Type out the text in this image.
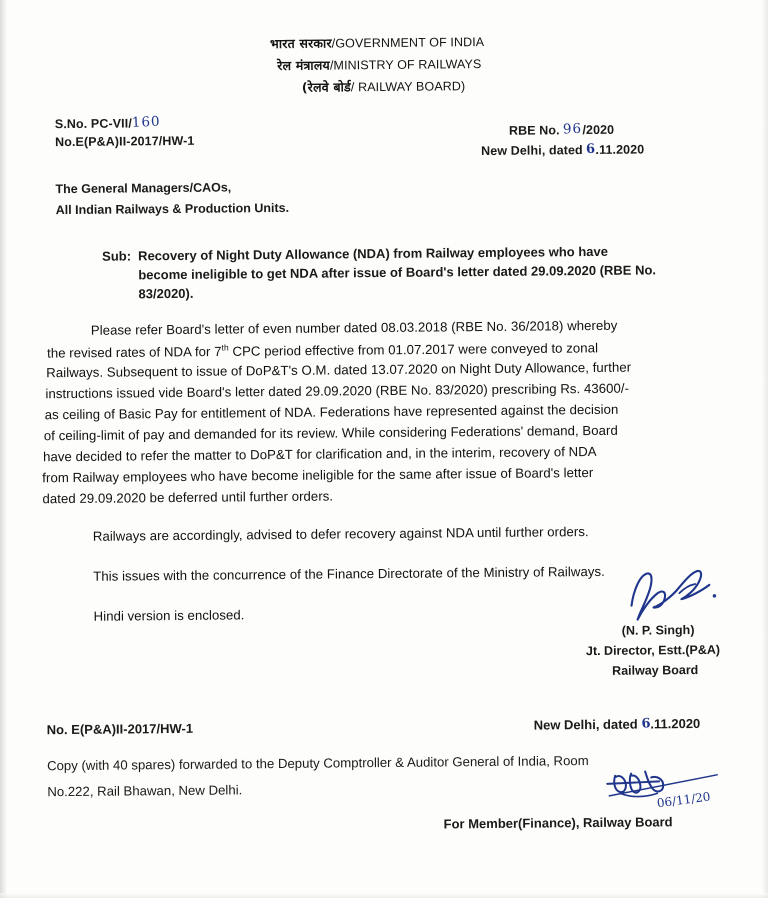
भारत सरकार/GOVERNMENT OF INDIA
रेल मंत्रालय/MINISTRY OF RAILWAYS
(रेलवे बोर्ड/ RAILWAY BOARD)
S.No. PC-VII/160
No.E(P&A)II-2017/HW-1
RBE No. 96/2020
New Delhi, dated 6.11.2020
The General Managers/CAOs,
All Indian Railways & Production Units.
Sub: Recovery of Night Duty Allowance (NDA) from Railway employees who have
become ineligible to get NDA after issue of Board's letter dated 29.09.2020 (RBE No.
83/2020).
Please refer Board's letter of even number dated 08.03.2018 (RBE No. 36/2018) whereby
the revised rates of NDA for 7th CPC period effective from 01.07.2017 were conveyed to zonal
Railways. Subsequent to issue of DoP&T's O.M. dated 13.07.2020 on Night Duty Allowance, further
instructions issued vide Board's letter dated 29.09.2020 (RBE No. 83/2020) prescribing Rs. 43600/-
as ceiling of Basic Pay for entitlement of NDA. Federations have represented against the decision
of ceiling-limit of pay and demanded for its review. While considering Federations' demand, Board
have decided to refer the matter to DoP&T for clarification and, in the interim, recovery of NDA
from Railway employees who have become ineligible for the same after issue of Board's letter
dated 29.09.2020 be deferred until further orders.
Railways are accordingly, advised to defer recovery against NDA until further orders.
This issues with the concurrence of the Finance Directorate of the Ministry of Railways.
Hindi version is enclosed.
(N. P. Singh)
Jt. Director, Estt.(P&A)
Railway Board
No. E(P&A)II-2017/HW-1	New Delhi, dated 6.11.2020
Copy (with 40 spares) forwarded to the Deputy Comptroller & Auditor General of India, Room
No.222, Rail Bhawan, New Delhi.	06/11/20
For Member(Finance), Railway Board
